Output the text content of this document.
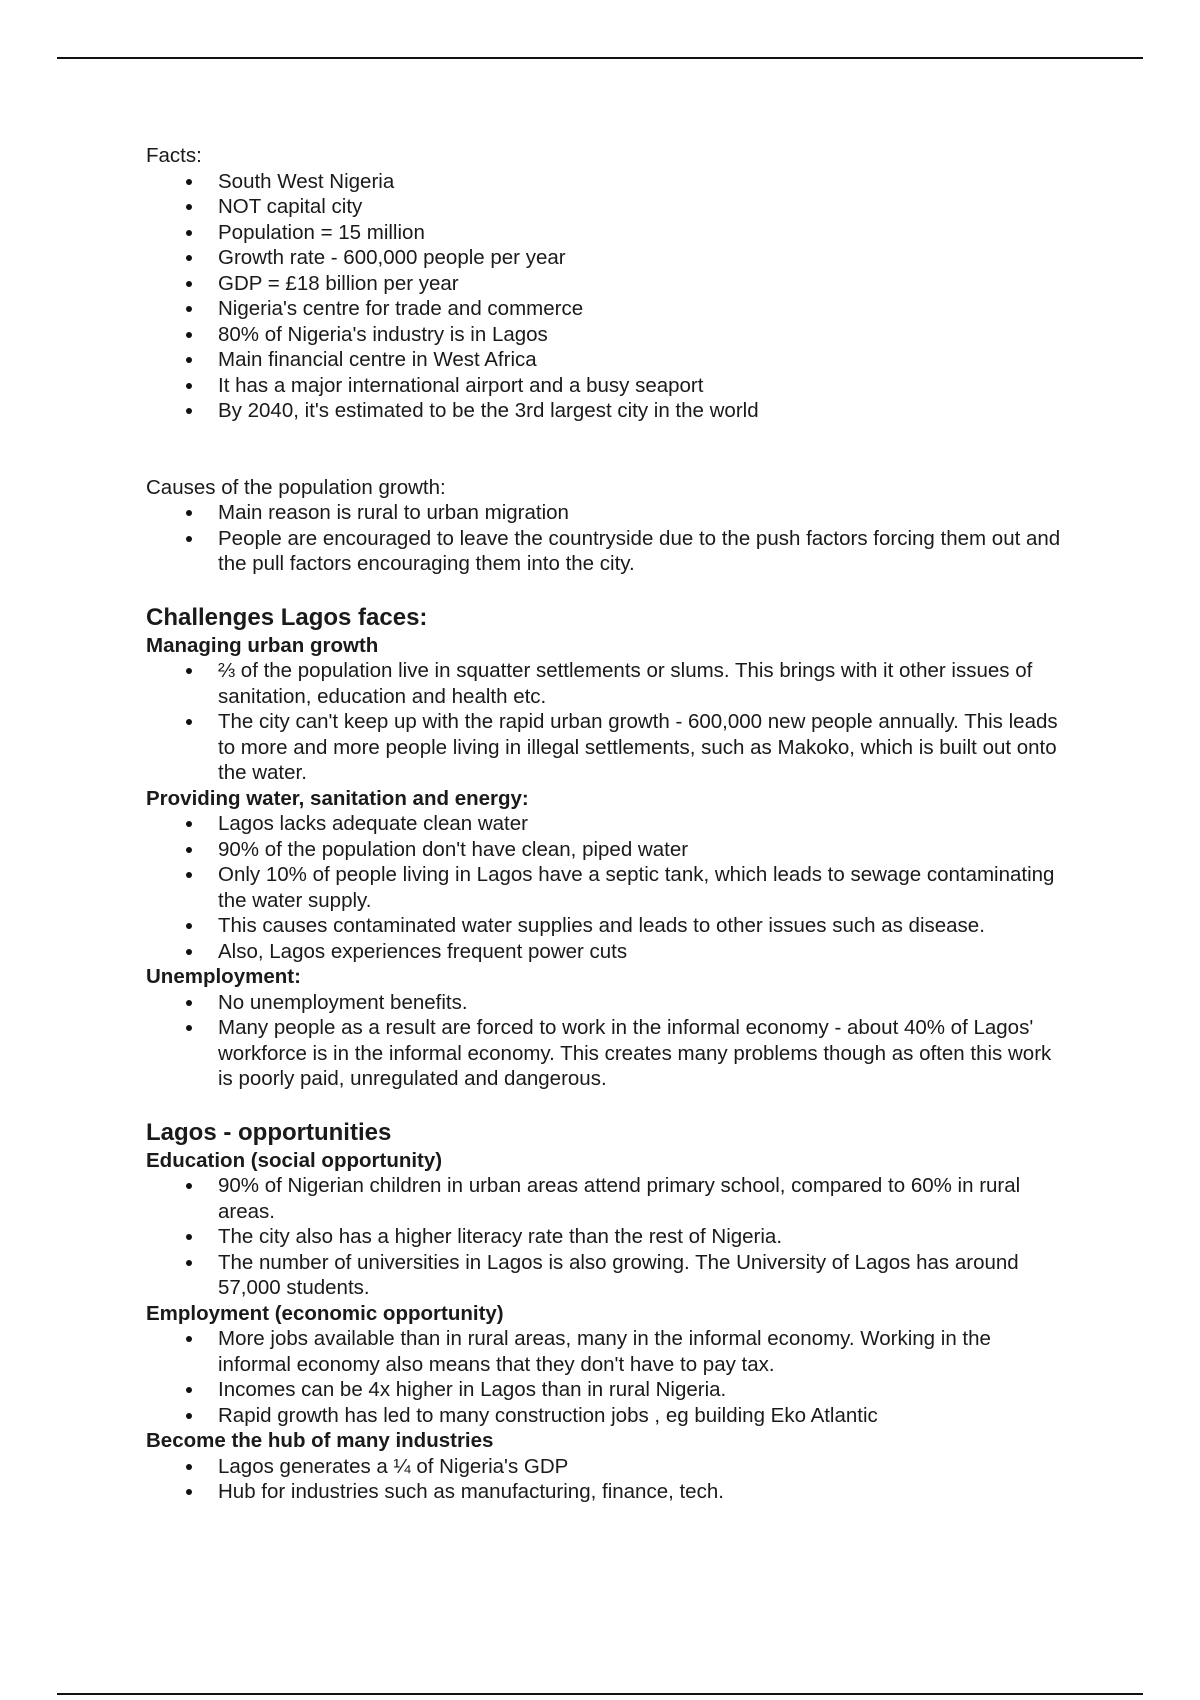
Facts:

South West Nigeria
NOT capital city
Population = 15 million
Growth rate - 600,000 people per year
GDP = £18 billion per year
Nigeria's centre for trade and commerce
80% of Nigeria's industry is in Lagos
Main financial centre in West Africa
It has a major international airport and a busy seaport
By 2040, it's estimated to be the 3rd largest city in the world

Causes of the population growth:

Main reason is rural to urban migration
People are encouraged to leave the countryside due to the push factors forcing them out and the pull factors encouraging them into the city.
Challenges Lagos faces:

Managing urban growth

⅔ of the population live in squatter settlements or slums. This brings with it other issues of sanitation, education and health etc.
The city can't keep up with the rapid urban growth - 600,000 new people annually. This leads to more and more people living in illegal settlements, such as Makoko, which is built out onto the water.

Providing water, sanitation and energy:

Lagos lacks adequate clean water
90% of the population don't have clean, piped water
Only 10% of people living in Lagos have a septic tank, which leads to sewage contaminating the water supply.
This causes contaminated water supplies and leads to other issues such as disease.
Also, Lagos experiences frequent power cuts

Unemployment:

No unemployment benefits.
Many people as a result are forced to work in the informal economy - about 40% of Lagos' workforce is in the informal economy. This creates many problems though as often this work is poorly paid, unregulated and dangerous.
Lagos - opportunities

Education (social opportunity)

90% of Nigerian children in urban areas attend primary school, compared to 60% in rural areas.
The city also has a higher literacy rate than the rest of Nigeria.
The number of universities in Lagos is also growing. The University of Lagos has around 57,000 students.

Employment (economic opportunity)

More jobs available than in rural areas, many in the informal economy. Working in the informal economy also means that they don't have to pay tax.
Incomes can be 4x higher in Lagos than in rural Nigeria.
Rapid growth has led to many construction jobs , eg building Eko Atlantic

Become the hub of many industries

Lagos generates a ¼ of Nigeria's GDP
Hub for industries such as manufacturing, finance, tech.
